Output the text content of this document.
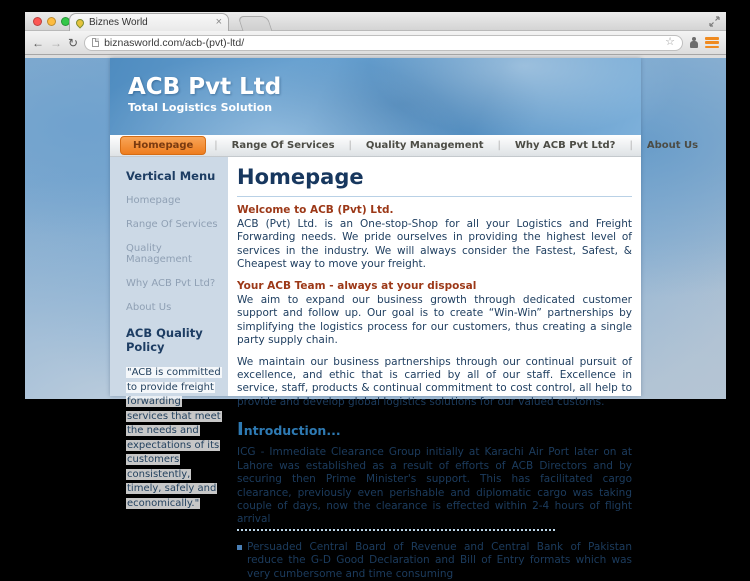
Biznes World	×
← → ↻ biznasworld.com/acb-(pvt)-ltd/	☆
ACB Pvt Ltd
Total Logistics Solution
Homepage	|	Range Of Services	|	Quality Management	|	Why ACB Pvt Ltd?	|	About Us
Vertical Menu
Homepage
Range Of Services
Quality Management
Why ACB Pvt Ltd?
About Us
ACB Quality Policy
"ACB is committed to provide freight forwarding services that meet the needs and expectations of its customers consistently, timely, safely and economically."
Homepage
Welcome to ACB (Pvt) Ltd.
ACB (Pvt) Ltd. is an One-stop-Shop for all your Logistics and Freight Forwarding needs. We pride ourselves in providing the highest level of services in the industry. We will always consider the Fastest, Safest, & Cheapest way to move your freight.
Your ACB Team - always at your disposal
We aim to expand our business growth through dedicated customer support and follow up. Our goal is to create “Win-Win” partnerships by simplifying the logistics process for our customers, thus creating a single party supply chain.
We maintain our business partnerships through our continual pursuit of excellence, and ethic that is carried by all of our staff. Excellence in service, staff, products & continual commitment to cost control, all help to provide and develop global logistics solutions for our valued customs.
Introduction...
ICG - Immediate Clearance Group initially at Karachi Air Port later on at Lahore was established as a result of efforts of ACB Directors and by securing then Prime Minister's support. This has facilitated cargo clearance, previously even perishable and diplomatic cargo was taking couple of days, now the clearance is effected within 2-4 hours of flight arrival
Persuaded Central Board of Revenue and Central Bank of Pakistan reduce the G-D Good Declaration and Bill of Entry formats which was very cumbersome and time consuming
